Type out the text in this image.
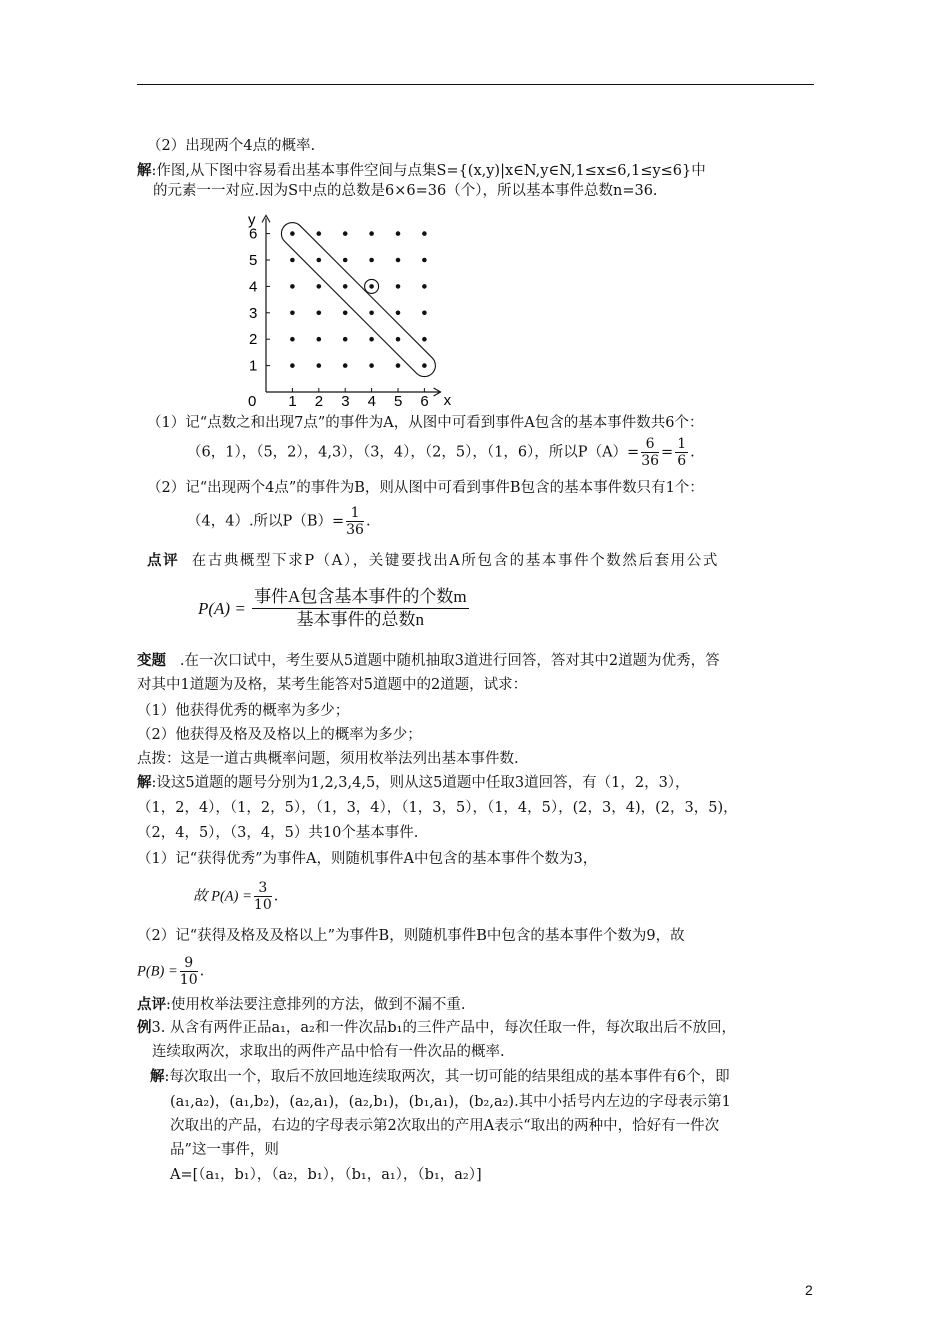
（2）出现两个4点的概率.
解:作图,从下图中容易看出基本事件空间与点集S={(x,y)|x∈N,y∈N,1≤x≤6,1≤y≤6}中
的元素一一对应.因为S中点的总数是6×6=36（个），所以基本事件总数n=36.
0	x
y
1 2 3 4 5 6
1
2
3
4
5
6
（1）记“点数之和出现7点”的事件为A，从图中可看到事件A包含的基本事件数共6个：
（6，1），（5，2），4,3），（3，4），（2，5），（1，6），所以$P(A)= \frac{6}{36} = \frac{1}{6}$ .
（2）记“出现两个4点”的事件为B，则从图中可看到事件B包含的基本事件数只有1个：
（4，4）.所以$P(B)= \frac{1}{36}$ .
点评 在古典概型下求P（A），关键要找出A所包含的基本事件个数然后套用公式
$P(A) = \frac{\text{事件A包含基本事件的个数m}}{\text{基本事件的总数n}}$
变题 .在一次口试中，考生要从5道题中随机抽取3道进行回答，答对其中2道题为优秀，答
对其中1道题为及格，某考生能答对5道题中的2道题，试求：
（1）他获得优秀的概率为多少；
（2）他获得及格及及格以上的概率为多少；
点拨：这是一道古典概率问题，须用枚举法列出基本事件数.
解:设这5道题的题号分别为1,2,3,4,5，则从这5道题中任取3道回答，有（1，2，3），
（1，2，4），（1，2，5），（1，3，4），（1，3，5），（1，4，5），(2，3，4)，(2，3，5)，
（2，4，5），（3，4，5）共10个基本事件.
（1）记“获得优秀”为事件A，则随机事件A中包含的基本事件个数为3，
故 $P(A) = \frac{3}{10}$ .
（2）记“获得及格及及格以上”为事件B，则随机事件B中包含的基本事件个数为9，故
$P(B) = \frac{9}{10}$ .
点评:使用枚举法要注意排列的方法，做到不漏不重.
例3. 从含有两件正品a₁，a₂和一件次品b₁的三件产品中，每次任取一件，每次取出后不放回，
连续取两次，求取出的两件产品中恰有一件次品的概率.
解:每次取出一个，取后不放回地连续取两次，其一切可能的结果组成的基本事件有6个，即
(a₁,a₂)，(a₁,b₂)，(a₂,a₁)，(a₂,b₁)，(b₁,a₁)，(b₂,a₂).其中小括号内左边的字母表示第1
次取出的产品，右边的字母表示第2次取出的产用A表示“取出的两种中，恰好有一件次
品”这一事件，则
A=[（a₁，b₁），（a₂，b₁），（b₁，a₁），（b₁，a₂）]
2
